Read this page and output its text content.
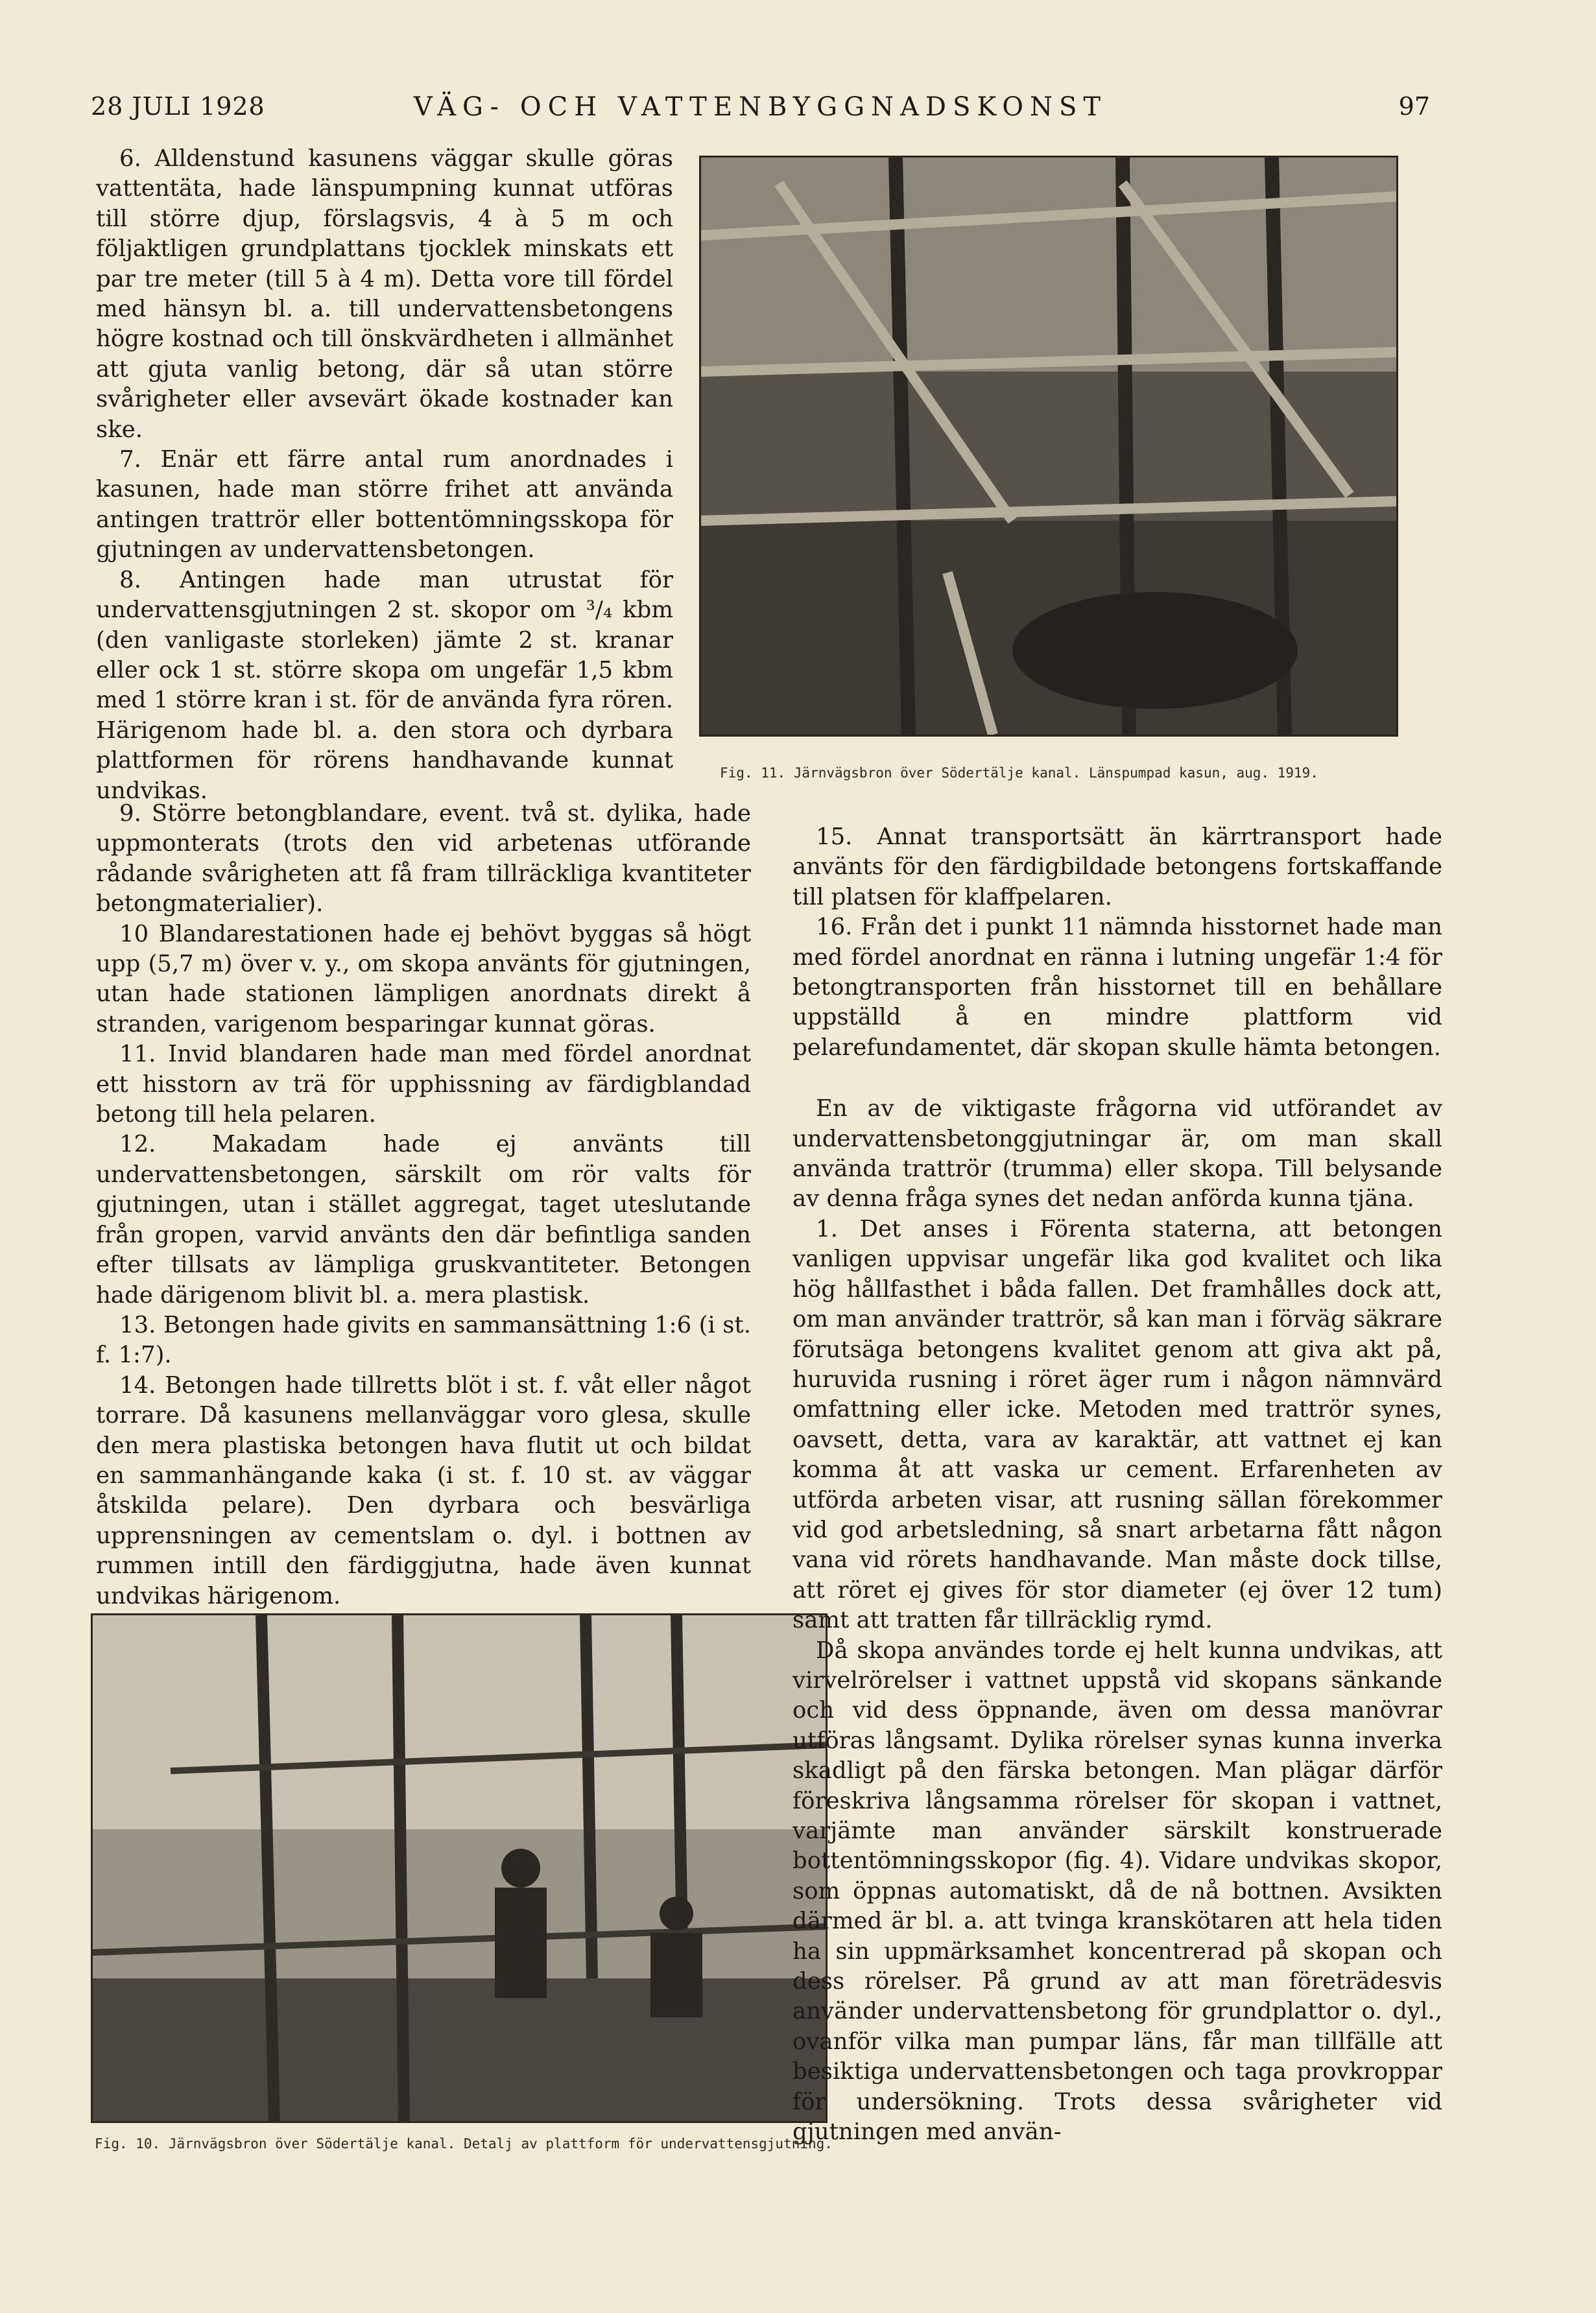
28 JULI 1928	VÄG- OCH VATTENBYGGNADSKONST	97
Fig. 11. Järnvägsbron över Södertälje kanal. Länspumpad kasun, aug. 1919.

6. Alldenstund kasunens väggar skulle göras vattentäta, hade länspumpning kunnat utföras till större djup, förslagsvis, 4 à 5 m och följaktligen grundplattans tjocklek minskats ett par tre meter (till 5 à 4 m). Detta vore till fördel med hänsyn bl. a. till undervattensbetongens högre kostnad och till önskvärdheten i allmänhet att gjuta vanlig betong, där så utan större svårigheter eller avsevärt ökade kostnader kan ske.

7. Enär ett färre antal rum anordnades i kasunen, hade man större frihet att använda antingen trattrör eller bottentömningsskopa för gjutningen av undervattensbetongen.

8. Antingen hade man utrustat för undervattensgjutningen 2 st. skopor om ³/₄ kbm (den vanligaste storleken) jämte 2 st. kranar eller ock 1 st. större skopa om ungefär 1,5 kbm med 1 större kran i st. för de använda fyra rören. Härigenom hade bl. a. den stora och dyrbara plattformen för rörens handhavande kunnat undvikas.

9. Större betongblandare, event. två st. dylika, hade uppmonterats (trots den vid arbetenas utförande rådande svårigheten att få fram tillräckliga kvantiteter betongmaterialier).

10 Blandarestationen hade ej behövt byggas så högt upp (5,7 m) över v. y., om skopa använts för gjutningen, utan hade stationen lämpligen anordnats direkt å stranden, varigenom besparingar kunnat göras.

11. Invid blandaren hade man med fördel anordnat ett hisstorn av trä för upphissning av färdigblandad betong till hela pelaren.

12. Makadam hade ej använts till undervattensbetongen, särskilt om rör valts för gjutningen, utan i stället aggregat, taget uteslutande från gropen, varvid använts den där befintliga sanden efter tillsats av lämpliga gruskvantiteter. Betongen hade därigenom blivit bl. a. mera plastisk.

13. Betongen hade givits en sammansättning 1:6 (i st. f. 1:7).

14. Betongen hade tillretts blöt i st. f. våt eller något torrare. Då kasunens mellanväggar voro glesa, skulle den mera plastiska betongen hava flutit ut och bildat en sammanhängande kaka (i st. f. 10 st. av väggar åtskilda pelare). Den dyrbara och besvärliga upprensningen av cementslam o. dyl. i bottnen av rummen intill den färdiggjutna, hade även kunnat undvikas härigenom.

Fig. 10. Järnvägsbron över Södertälje kanal. Detalj av plattform för undervattensgjutning.

15. Annat transportsätt än kärrtransport hade använts för den färdigbildade betongens fortskaffande till platsen för klaffpelaren.

16. Från det i punkt 11 nämnda hisstornet hade man med fördel anordnat en ränna i lutning ungefär 1:4 för betongtransporten från hisstornet till en behållare uppställd å en mindre plattform vid pelarefundamentet, där skopan skulle hämta betongen.

En av de viktigaste frågorna vid utförandet av undervattensbetonggjutningar är, om man skall använda trattrör (trumma) eller skopa. Till belysande av denna fråga synes det nedan anförda kunna tjäna.

1. Det anses i Förenta staterna, att betongen vanligen uppvisar ungefär lika god kvalitet och lika hög hållfasthet i båda fallen. Det framhålles dock att, om man använder trattrör, så kan man i förväg säkrare förutsäga betongens kvalitet genom att giva akt på, huruvida rusning i röret äger rum i någon nämnvärd omfattning eller icke. Metoden med trattrör synes, oavsett, detta, vara av karaktär, att vattnet ej kan komma åt att vaska ur cement. Erfarenheten av utförda arbeten visar, att rusning sällan förekommer vid god arbetsledning, så snart arbetarna fått någon vana vid rörets handhavande. Man måste dock tillse, att röret ej gives för stor diameter (ej över 12 tum) samt att tratten får tillräcklig rymd.

Då skopa användes torde ej helt kunna undvikas, att virvelrörelser i vattnet uppstå vid skopans sänkande och vid dess öppnande, även om dessa manövrar utföras långsamt. Dylika rörelser synas kunna inverka skadligt på den färska betongen. Man plägar därför föreskriva långsamma rörelser för skopan i vattnet, varjämte man använder särskilt konstruerade bottentömningsskopor (fig. 4). Vidare undvikas skopor, som öppnas automatiskt, då de nå bottnen. Avsikten därmed är bl. a. att tvinga kranskötaren att hela tiden ha sin uppmärksamhet koncentrerad på skopan och dess rörelser. På grund av att man företrädesvis använder undervattensbetong för grundplattor o. dyl., ovanför vilka man pumpar läns, får man tillfälle att besiktiga undervattensbetongen och taga provkroppar för undersökning. Trots dessa svårigheter vid gjutningen med använ-
